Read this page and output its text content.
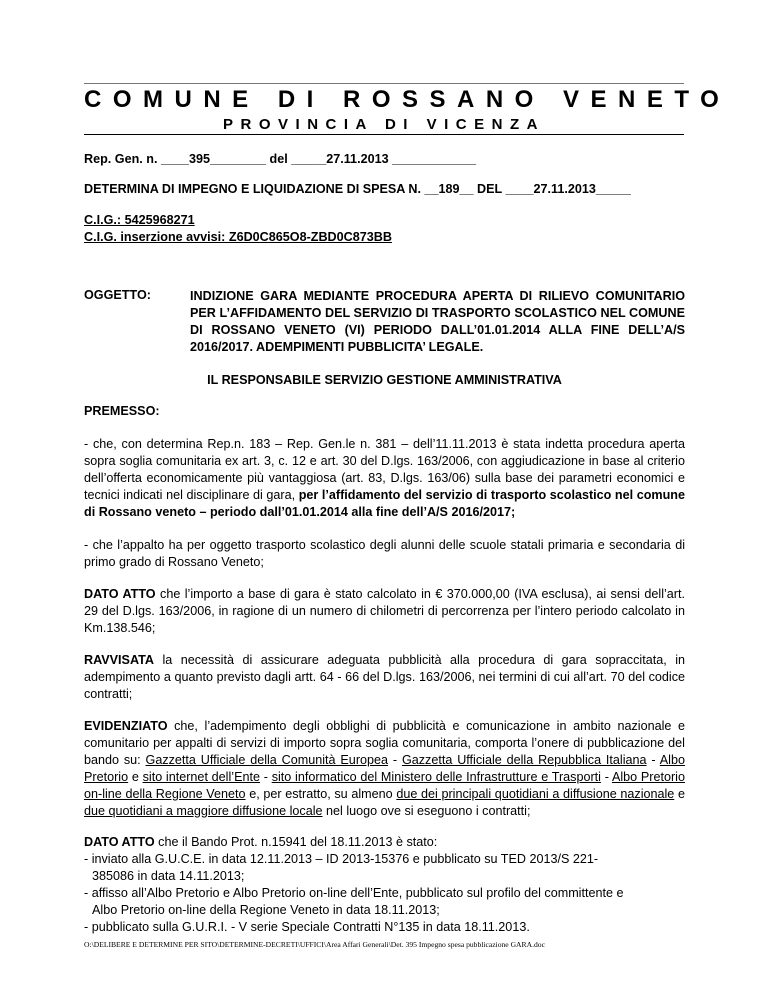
COMUNE DI ROSSANO VENETO
PROVINCIA DI VICENZA
Rep. Gen. n. ____395________ del _____27.11.2013 ____________
DETERMINA DI IMPEGNO E LIQUIDAZIONE DI SPESA N. __189__ DEL ____27.11.2013_____
C.I.G.: 5425968271
C.I.G. inserzione avvisi: Z6D0C865O8-ZBD0C873BB
OGGETTO:	INDIZIONE GARA MEDIANTE PROCEDURA APERTA DI RILIEVO COMUNITARIO PER L’AFFIDAMENTO DEL SERVIZIO DI TRASPORTO SCOLASTICO NEL COMUNE DI ROSSANO VENETO (VI) PERIODO DALL’01.01.2014 ALLA FINE DELL’A/S 2016/2017. ADEMPIMENTI PUBBLICITA’ LEGALE.
IL RESPONSABILE SERVIZIO GESTIONE AMMINISTRATIVA
PREMESSO:
- che, con determina Rep.n. 183 – Rep. Gen.le n. 381 – dell’11.11.2013 è stata indetta procedura aperta sopra soglia comunitaria ex art. 3, c. 12 e art. 30 del D.lgs. 163/2006, con aggiudicazione in base al criterio dell’offerta economicamente più vantaggiosa (art. 83, D.lgs. 163/06) sulla base dei parametri economici e tecnici indicati nel disciplinare di gara, per l’affidamento del servizio di trasporto scolastico nel comune di Rossano veneto – periodo dall’01.01.2014 alla fine dell’A/S 2016/2017;
- che l’appalto ha per oggetto trasporto scolastico degli alunni delle scuole statali primaria e secondaria di primo grado di Rossano Veneto;
DATO ATTO che l’importo a base di gara è stato calcolato in € 370.000,00 (IVA esclusa), ai sensi dell’art. 29 del D.lgs. 163/2006, in ragione di un numero di chilometri di percorrenza per l’intero periodo calcolato in Km.138.546;
RAVVISATA la necessità di assicurare adeguata pubblicità alla procedura di gara sopraccitata, in adempimento a quanto previsto dagli artt. 64 - 66 del D.lgs. 163/2006, nei termini di cui all’art. 70 del codice contratti;
EVIDENZIATO che, l’adempimento degli obblighi di pubblicità e comunicazione in ambito nazionale e comunitario per appalti di servizi di importo sopra soglia comunitaria, comporta l’onere di pubblicazione del bando su: Gazzetta Ufficiale della Comunità Europea - Gazzetta Ufficiale della Repubblica Italiana - Albo Pretorio e sito internet dell’Ente - sito informatico del Ministero delle Infrastrutture e Trasporti - Albo Pretorio on-line della Regione Veneto e, per estratto, su almeno due dei principali quotidiani a diffusione nazionale e due quotidiani a maggiore diffusione locale nel luogo ove si eseguono i contratti;
DATO ATTO che il Bando Prot. n.15941 del 18.11.2013 è stato:
- inviato alla G.U.C.E. in data 12.11.2013 – ID 2013-15376 e pubblicato su TED 2013/S 221-
385086 in data 14.11.2013;
- affisso all’Albo Pretorio e Albo Pretorio on-line dell’Ente, pubblicato sul profilo del committente e
Albo Pretorio on-line della Regione Veneto in data 18.11.2013;
- pubblicato sulla G.U.R.I. - V serie Speciale Contratti N°135 in data 18.11.2013.
O:\DELIBERE E DETERMINE PER SITO\DETERMINE-DECRETI\UFFICI\Area Affari Generali\Det. 395 Impegno spesa pubblicazione GARA.doc
